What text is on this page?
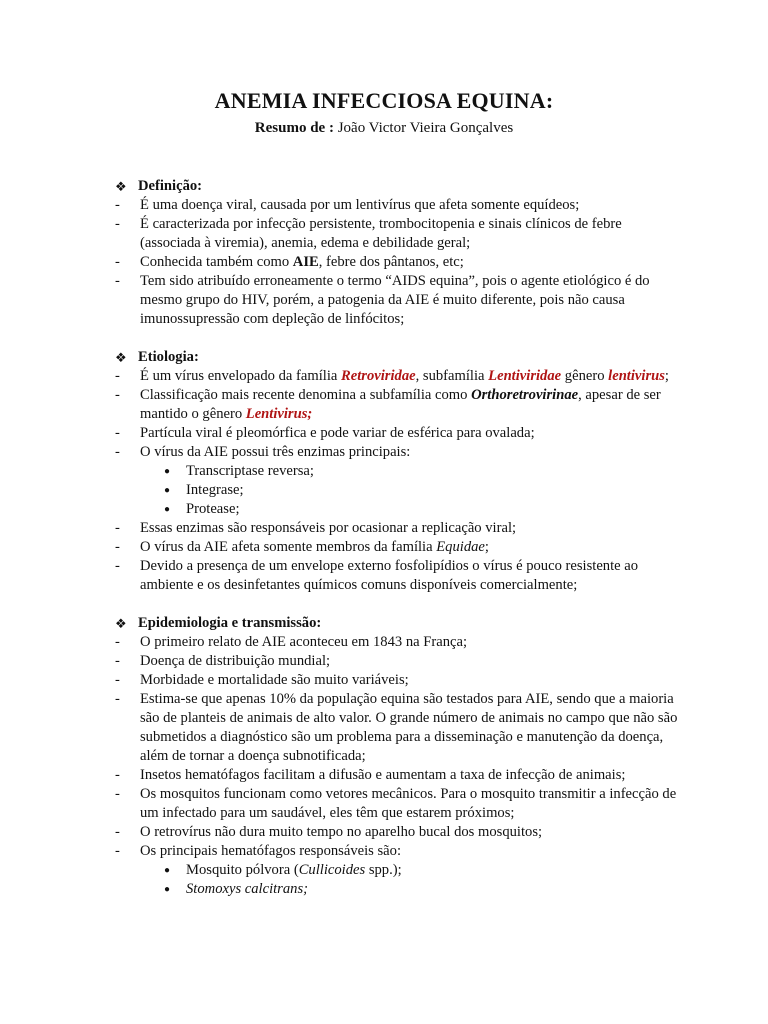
ANEMIA INFECCIOSA EQUINA:
Resumo de : João Victor Vieira Gonçalves
❖ Definição:
-	É uma doença viral, causada por um lentivírus que afeta somente equídeos;
-	É caracterizada por infecção persistente, trombocitopenia e sinais clínicos de febre (associada à viremia), anemia, edema e debilidade geral;
-	Conhecida também como AIE, febre dos pântanos, etc;
-	Tem sido atribuído erroneamente o termo “AIDS equina”, pois o agente etiológico é do mesmo grupo do HIV, porém, a patogenia da AIE é muito diferente, pois não causa imunossupressão com depleção de linfócitos;
❖ Etiologia:
-	É um vírus envelopado da família Retroviridae, subfamília Lentiviridae gênero lentivirus;
-	Classificação mais recente denomina a subfamília como Orthoretrovirinae, apesar de ser mantido o gênero Lentivirus;
-	Partícula viral é pleomórfica e pode variar de esférica para ovalada;
-	O vírus da AIE possui três enzimas principais:
●	Transcriptase reversa;
●	Integrase;
●	Protease;
-	Essas enzimas são responsáveis por ocasionar a replicação viral;
-	O vírus da AIE afeta somente membros da família Equidae;
-	Devido a presença de um envelope externo fosfolipídios o vírus é pouco resistente ao ambiente e os desinfetantes químicos comuns disponíveis comercialmente;
❖ Epidemiologia e transmissão:
-	O primeiro relato de AIE aconteceu em 1843 na França;
-	Doença de distribuição mundial;
-	Morbidade e mortalidade são muito variáveis;
-	Estima-se que apenas 10% da população equina são testados para AIE, sendo que a maioria são de planteis de animais de alto valor. O grande número de animais no campo que não são submetidos a diagnóstico são um problema para a disseminação e manutenção da doença, além de tornar a doença subnotificada;
-	Insetos hematófagos facilitam a difusão e aumentam a taxa de infecção de animais;
-	Os mosquitos funcionam como vetores mecânicos. Para o mosquito transmitir a infecção de um infectado para um saudável, eles têm que estarem próximos;
-	O retrovírus não dura muito tempo no aparelho bucal dos mosquitos;
-	Os principais hematófagos responsáveis são:
●	Mosquito pólvora (Cullicoides spp.);
●	Stomoxys calcitrans;
